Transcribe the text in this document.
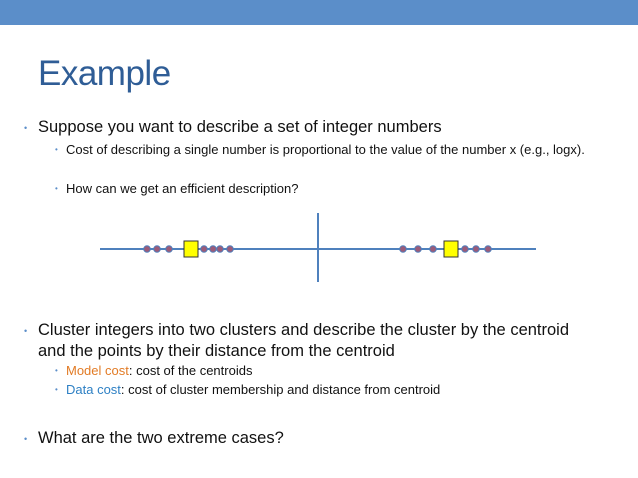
Example
• Suppose you want to describe a set of integer numbers
• Cost of describing a single number is proportional to the value of the number x (e.g., logx).
• How can we get an efficient description?
• Cluster integers into two clusters and describe the cluster by the centroid and the points by their distance from the centroid
• Model cost: cost of the centroids
• Data cost: cost of cluster membership and distance from centroid
• What are the two extreme cases?
